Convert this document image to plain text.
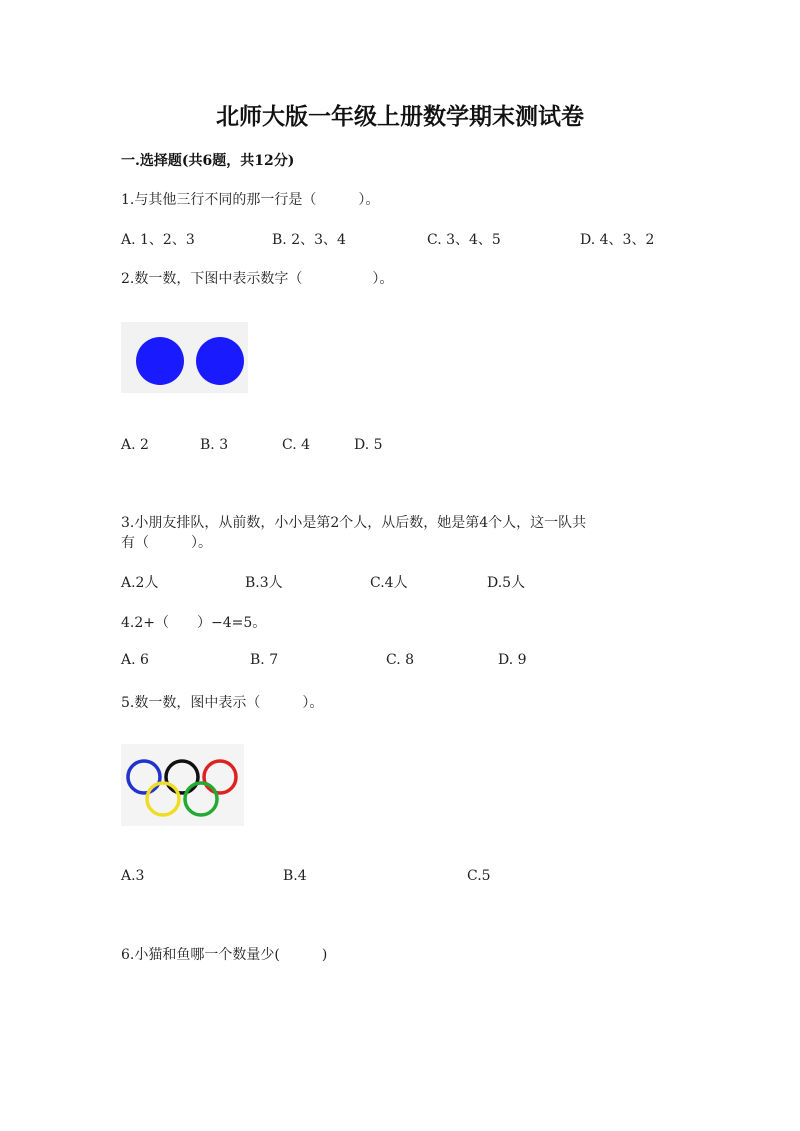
北师大版一年级上册数学期末测试卷
一.选择题(共6题，共12分)
1.与其他三行不同的那一行是（　　　）。
A. 1、2、3	B. 2、3、4	C. 3、4、5	D. 4、3、2
2.数一数，下图中表示数字（　　　　　）。
A. 2	B. 3	C. 4	D. 5
3.小朋友排队，从前数，小小是第2个人，从后数，她是第4个人，这一队共
有（　　　）。
A.2人	B.3人	C.4人	D.5人
4.2+（　　）−4=5。
A. 6	B. 7	C. 8	D. 9
5.数一数，图中表示（　　　）。
A.3	B.4	C.5
6.小猫和鱼哪一个数量少(　　　)
